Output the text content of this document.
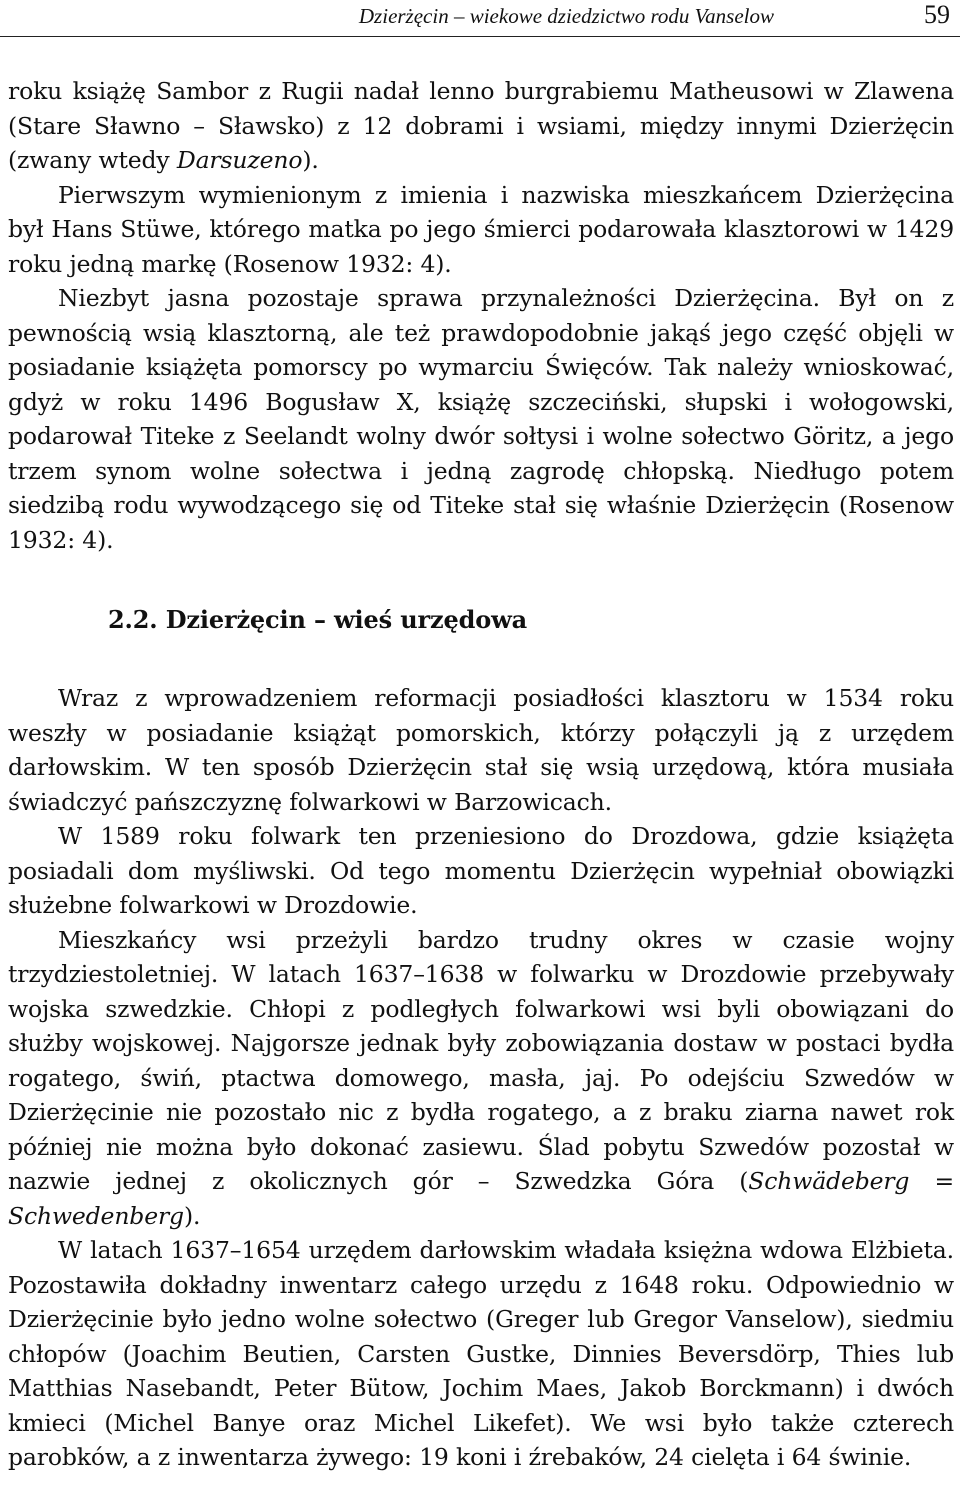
Dzierżęcin – wiekowe dziedzictwo rodu Vanselow	59

roku książę Sambor z Rugii nadał lenno burgrabiemu Matheusowi w Zlawena (Stare Sławno – Sławsko) z 12 dobrami i wsiami, między innymi Dzierżęcin (zwany wtedy Darsuzeno).

Pierwszym wymienionym z imienia i nazwiska mieszkańcem Dzierżęcina był Hans Stüwe, którego matka po jego śmierci podarowała klasztorowi w 1429 roku jedną markę (Rosenow 1932: 4).

Niezbyt jasna pozostaje sprawa przynależności Dzierżęcina. Był on z pewnością wsią klasztorną, ale też prawdopodobnie jakąś jego część objęli w posiadanie książęta pomorscy po wymarciu Święców. Tak należy wnioskować, gdyż w roku 1496 Bogusław X, książę szczeciński, słupski i wołogowski, podarował Titeke z Seelandt wolny dwór sołtysi i wolne sołectwo Göritz, a jego trzem synom wolne sołectwa i jedną zagrodę chłopską. Niedługo potem siedzibą rodu wywodzącego się od Titeke stał się właśnie Dzierżęcin (Rosenow 1932: 4).

2.2. Dzierżęcin – wieś urzędowa

Wraz z wprowadzeniem reformacji posiadłości klasztoru w 1534 roku weszły w posiadanie książąt pomorskich, którzy połączyli ją z urzędem darłowskim. W ten sposób Dzierżęcin stał się wsią urzędową, która musiała świadczyć pańszczyznę folwarkowi w Barzowicach.

W 1589 roku folwark ten przeniesiono do Drozdowa, gdzie książęta posiadali dom myśliwski. Od tego momentu Dzierżęcin wypełniał obowiązki służebne folwarkowi w Drozdowie.

Mieszkańcy wsi przeżyli bardzo trudny okres w czasie wojny trzydziestoletniej. W latach 1637–1638 w folwarku w Drozdowie przebywały wojska szwedzkie. Chłopi z podległych folwarkowi wsi byli obowiązani do służby wojskowej. Najgorsze jednak były zobowiązania dostaw w postaci bydła rogatego, świń, ptactwa domowego, masła, jaj. Po odejściu Szwedów w Dzierżęcinie nie pozostało nic z bydła rogatego, a z braku ziarna nawet rok później nie można było dokonać zasiewu. Ślad pobytu Szwedów pozostał w nazwie jednej z okolicznych gór – Szwedzka Góra (Schwädeberg = Schwedenberg).

W latach 1637–1654 urzędem darłowskim władała księżna wdowa Elżbieta. Pozostawiła dokładny inwentarz całego urzędu z 1648 roku. Odpowiednio w Dzierżęcinie było jedno wolne sołectwo (Greger lub Gregor Vanselow), siedmiu chłopów (Joachim Beutien, Carsten Gustke, Dinnies Beversdörp, Thies lub Matthias Nasebandt, Peter Bütow, Jochim Maes, Jakob Borckmann) i dwóch kmieci (Michel Banye oraz Michel Likefet). We wsi było także czterech parobków, a z inwentarza żywego: 19 koni i źrebaków, 24 cielęta i 64 świnie.
